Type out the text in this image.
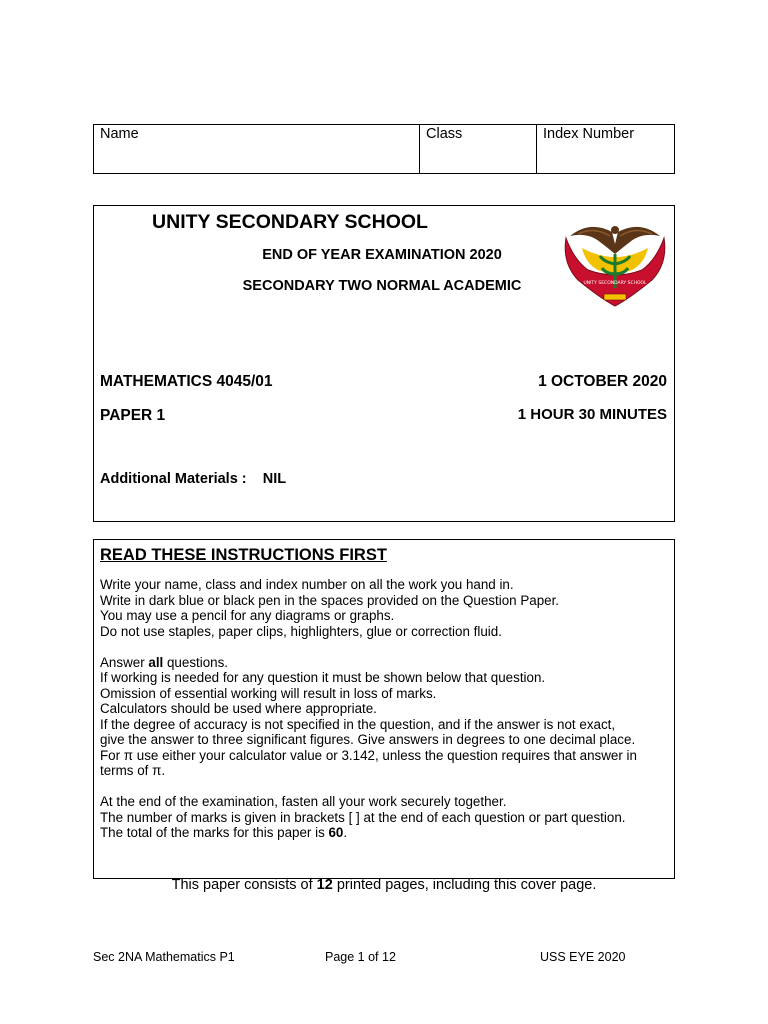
Name	Class	Index Number
UNITY SECONDARY SCHOOL
END OF YEAR EXAMINATION 2020
SECONDARY TWO NORMAL ACADEMIC	UNITY SECONDARY SCHOOL
MATHEMATICS 4045/01	1 OCTOBER 2020
PAPER 1	1 HOUR 30 MINUTES
Additional Materials : NIL
READ THESE INSTRUCTIONS FIRST
Write your name, class and index number on all the work you hand in.
Write in dark blue or black pen in the spaces provided on the Question Paper.
You may use a pencil for any diagrams or graphs.
Do not use staples, paper clips, highlighters, glue or correction fluid.
Answer all questions.
If working is needed for any question it must be shown below that question.
Omission of essential working will result in loss of marks.
Calculators should be used where appropriate.
If the degree of accuracy is not specified in the question, and if the answer is not exact,
give the answer to three significant figures. Give answers in degrees to one decimal place.
For π use either your calculator value or 3.142, unless the question requires that answer in
terms of π.
At the end of the examination, fasten all your work securely together.
The number of marks is given in brackets [ ] at the end of each question or part question.
The total of the marks for this paper is 60.
This paper consists of 12 printed pages, including this cover page.
Sec 2NA Mathematics P1	Page 1 of 12	USS EYE 2020
